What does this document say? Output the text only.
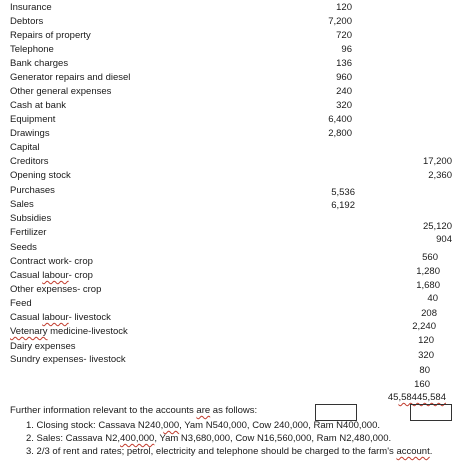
Insurance
Debtors
Repairs of property
Telephone
Bank charges
Generator repairs and diesel
Other general expenses
Cash at bank
Equipment
Drawings
Capital
Creditors
Opening stock
Purchases
Sales
Subsidies
Fertilizer
Seeds
Contract work- crop
Casual labour- crop
Other expenses- crop
Feed
Casual labour- livestock
Vetenary medicine-livestock
Dairy expenses
Sundry expenses- livestock
120
7,200
720
96
136
960
240
320
6,400
2,800
17,200
2,360
5,536
6,192
25,120
904
560
1,280
1,680
40
208
2,240
120
320
80
160
45,58445,584
Further information relevant to the accounts are as follows:
1. Closing stock: Cassava N240,000, Yam N540,000, Cow 240,000, Ram N400,000.
2. Sales: Cassava N2,400,000, Yam N3,680,000, Cow N16,560,000, Ram N2,480,000.
3. 2/3 of rent and rates; petrol, electricity and telephone should be charged to the farm's account.
